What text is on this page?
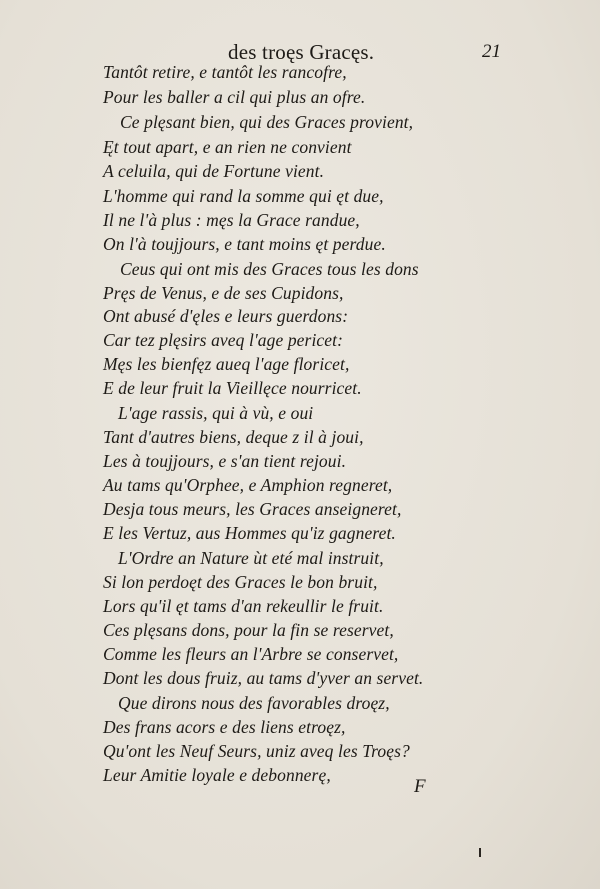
des troęs Gracęs.	21
Tantôt retire, e tantôt les rancofre,
Pour les baller a cil qui plus an ofre.
Ce plęsant bien, qui des Graces provient,
Ęt tout apart, e an rien ne convient
A celuila, qui de Fortune vient.
L'homme qui rand la somme qui ęt due,
Il ne l'à plus : męs la Grace randue,
On l'à toujjours, e tant moins ęt perdue.
Ceus qui ont mis des Graces tous les dons
Pręs de Venus, e de ses Cupidons,
Ont abusé d'ęles e leurs guerdons:
Car tez plęsirs aveq l'age pericet:
Męs les bienfęz aueq l'age floricet,
E de leur fruit la Vieillęce nourricet.
L'age rassis, qui à vù, e oui
Tant d'autres biens, deque z il à joui,
Les à toujjours, e s'an tient rejoui.
Au tams qu'Orphee, e Amphion regneret,
Desja tous meurs, les Graces anseigneret,
E les Vertuz, aus Hommes qu'iz gagneret.
L'Ordre an Nature ùt eté mal instruit,
Si lon perdoęt des Graces le bon bruit,
Lors qu'il ęt tams d'an rekeullir le fruit.
Ces plęsans dons, pour la fin se reservet,
Comme les fleurs an l'Arbre se conservet,
Dont les dous fruiz, au tams d'yver an servet.
Que dirons nous des favorables droęz,
Des frans acors e des liens etroęz,
Qu'ont les Neuf Seurs, uniz aveq les Troęs?
Leur Amitie loyale e debonnerę,
F
